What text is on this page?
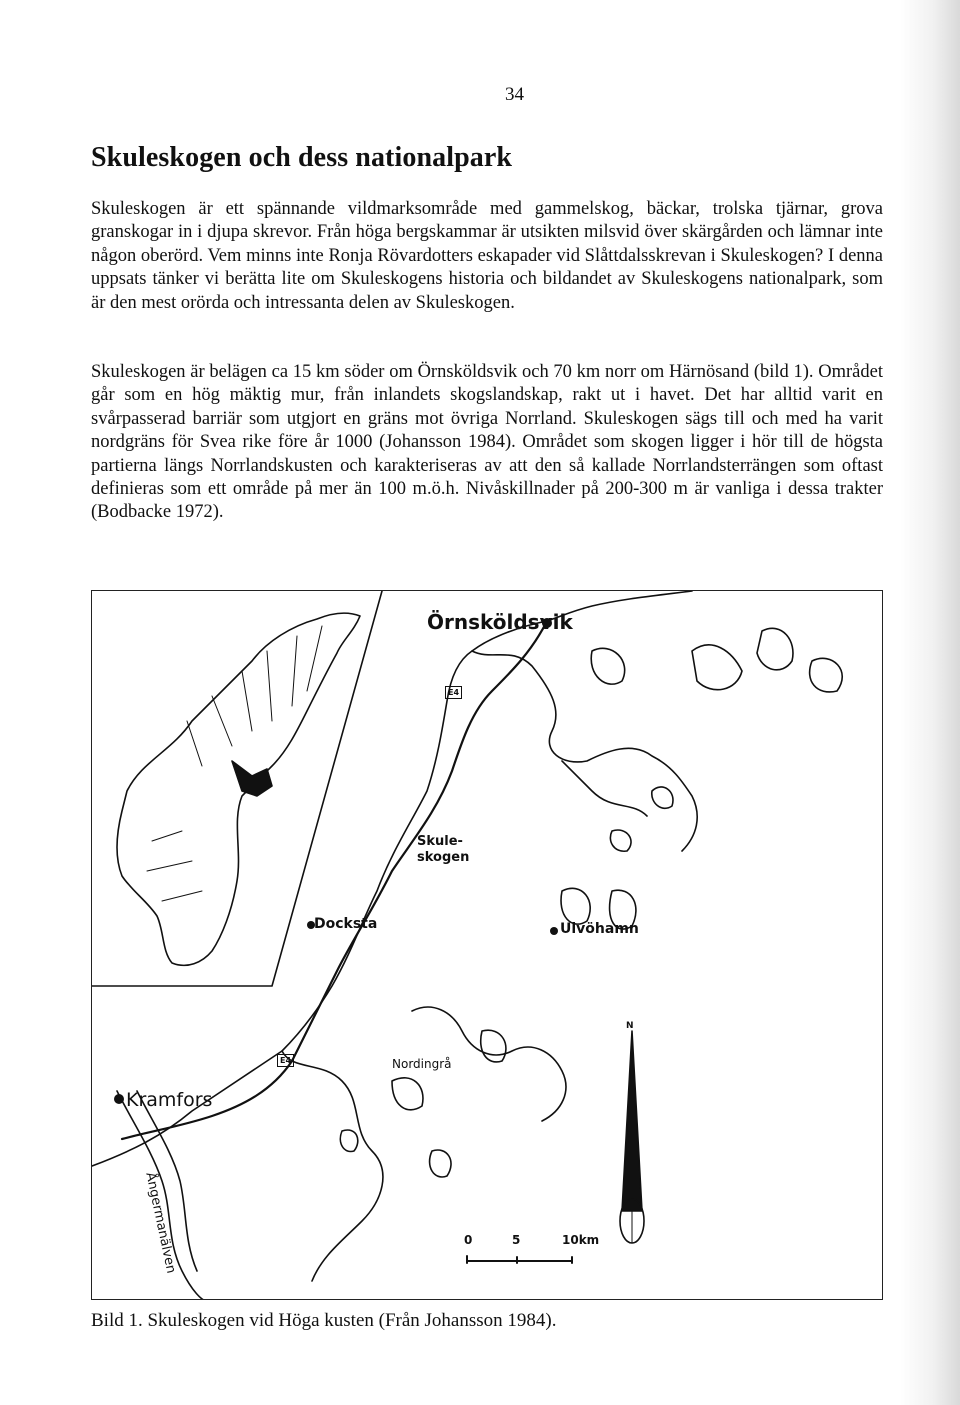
34
Skuleskogen och dess nationalpark

Skuleskogen är ett spännande vildmarksområde med gammelskog, bäckar, trolska tjärnar, grova granskogar in i djupa skrevor. Från höga bergskammar är utsikten milsvid över skärgården och lämnar inte någon oberörd. Vem minns inte Ronja Rövardotters eskapader vid Slåttdalsskrevan i Skuleskogen? I denna uppsats tänker vi berätta lite om Skuleskogens historia och bildandet av Skuleskogens nationalpark, som är den mest orörda och intressanta delen av Skuleskogen.

Skuleskogen är belägen ca 15 km söder om Örnsköldsvik och 70 km norr om Härnösand (bild 1). Området går som en hög mäktig mur, från inlandets skogslandskap, rakt ut i havet. Det har alltid varit en svårpasserad barriär som utgjort en gräns mot övriga Norrland. Skuleskogen sägs till och med ha varit nordgräns för Svea rike före år 1000 (Johansson 1984). Området som skogen ligger i hör till de högsta partierna längs Norrlandskusten och karakteriseras av att den så kallade Norrlandsterrängen som oftast definieras som ett område på mer än 100 m.ö.h. Nivåskillnader på 200-300 m är vanliga i dessa trakter (Bodbacke 1972).

Örnsköldsvik
E4
Skule-skogen
Docksta	Ulvöhamn
E4	Nordingrå
Kramfors
Ångermanälven
N
0	5	10km

Bild 1. Skuleskogen vid Höga kusten (Från Johansson 1984).
